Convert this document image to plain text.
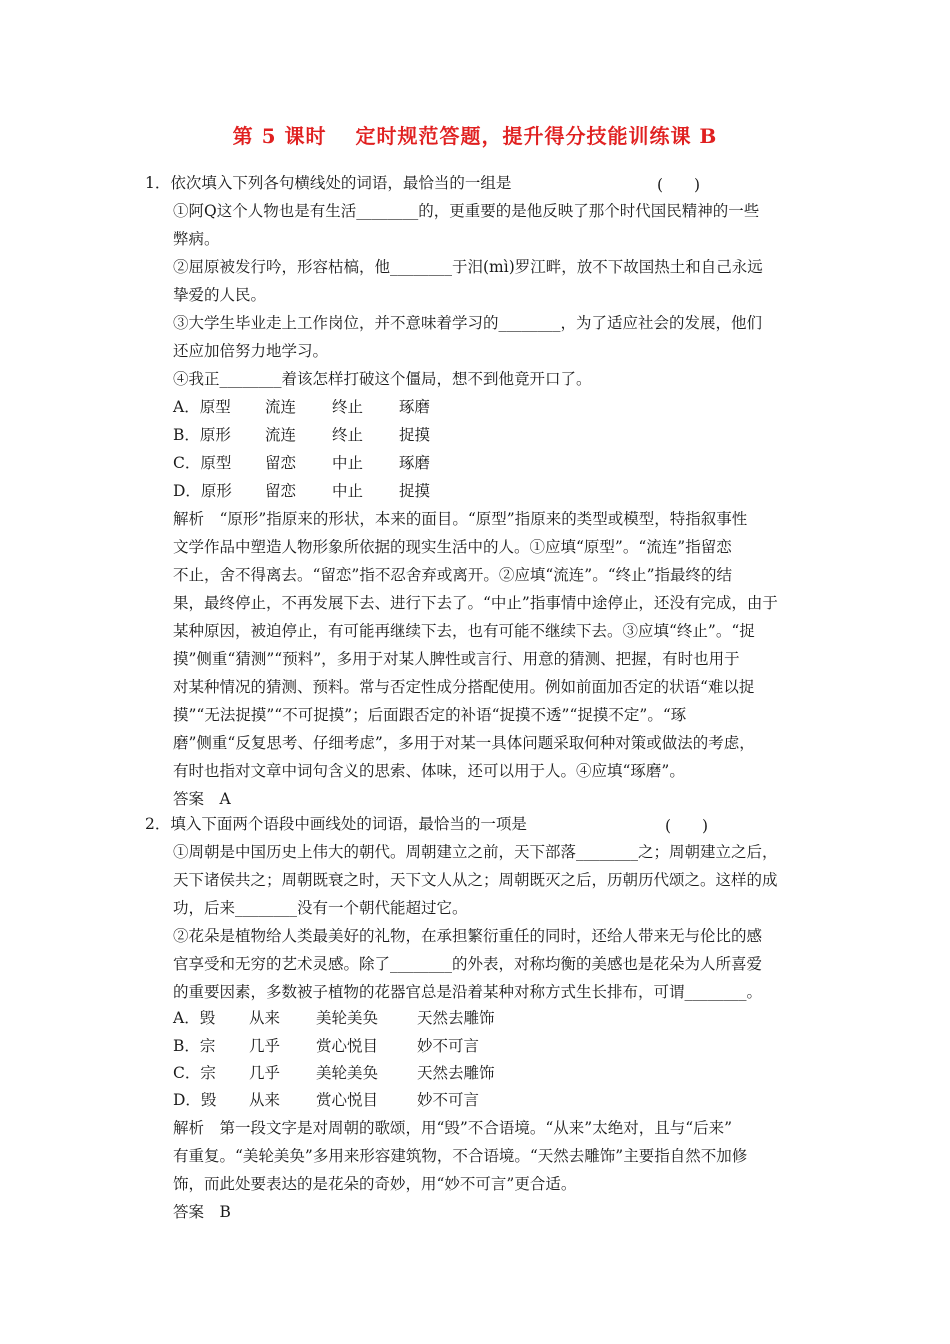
第 5 课时　 定时规范答题，提升得分技能训练课 B
1．依次填入下列各句横线处的词语，最恰当的一组是	(　　)
①阿Q这个人物也是有生活________的，更重要的是他反映了那个时代国民精神的一些
弊病。
②屈原被发行吟，形容枯槁，他________于汨(mì)罗江畔，放不下故国热土和自己永远
挚爱的人民。
③大学生毕业走上工作岗位，并不意味着学习的________，为了适应社会的发展，他们
还应加倍努力地学习。
④我正________着该怎样打破这个僵局，想不到他竟开口了。
A．原型	流连	终止	琢磨
B．原形	流连	终止	捉摸
C．原型	留恋	中止	琢磨
D．原形	留恋	中止	捉摸
解析　“原形”指原来的形状，本来的面目。“原型”指原来的类型或模型，特指叙事性
文学作品中塑造人物形象所依据的现实生活中的人。①应填“原型”。“流连”指留恋
不止，舍不得离去。“留恋”指不忍舍弃或离开。②应填“流连”。“终止”指最终的结
果，最终停止，不再发展下去、进行下去了。“中止”指事情中途停止，还没有完成，由于
某种原因，被迫停止，有可能再继续下去，也有可能不继续下去。③应填“终止”。“捉
摸”侧重“猜测”“预料”，多用于对某人脾性或言行、用意的猜测、把握，有时也用于
对某种情况的猜测、预料。常与否定性成分搭配使用。例如前面加否定的状语“难以捉
摸”“无法捉摸”“不可捉摸”；后面跟否定的补语“捉摸不透”“捉摸不定”。“琢
磨”侧重“反复思考、仔细考虑”，多用于对某一具体问题采取何种对策或做法的考虑，
有时也指对文章中词句含义的思索、体味，还可以用于人。④应填“琢磨”。
答案　A
2．填入下面两个语段中画线处的词语，最恰当的一项是	(　　)
①周朝是中国历史上伟大的朝代。周朝建立之前，天下部落________之；周朝建立之后，
天下诸侯共之；周朝既衰之时，天下文人从之；周朝既灭之后，历朝历代颂之。这样的成
功，后来________没有一个朝代能超过它。
②花朵是植物给人类最美好的礼物，在承担繁衍重任的同时，还给人带来无与伦比的感
官享受和无穷的艺术灵感。除了________的外表，对称均衡的美感也是花朵为人所喜爱
的重要因素，多数被子植物的花器官总是沿着某种对称方式生长排布，可谓________。
A．毁	从来	美轮美奂	天然去雕饰
B．宗	几乎	赏心悦目	妙不可言
C．宗	几乎	美轮美奂	天然去雕饰
D．毁	从来	赏心悦目	妙不可言
解析　第一段文字是对周朝的歌颂，用“毁”不合语境。“从来”太绝对，且与“后来”
有重复。“美轮美奂”多用来形容建筑物，不合语境。“天然去雕饰”主要指自然不加修
饰，而此处要表达的是花朵的奇妙，用“妙不可言”更合适。
答案　B
